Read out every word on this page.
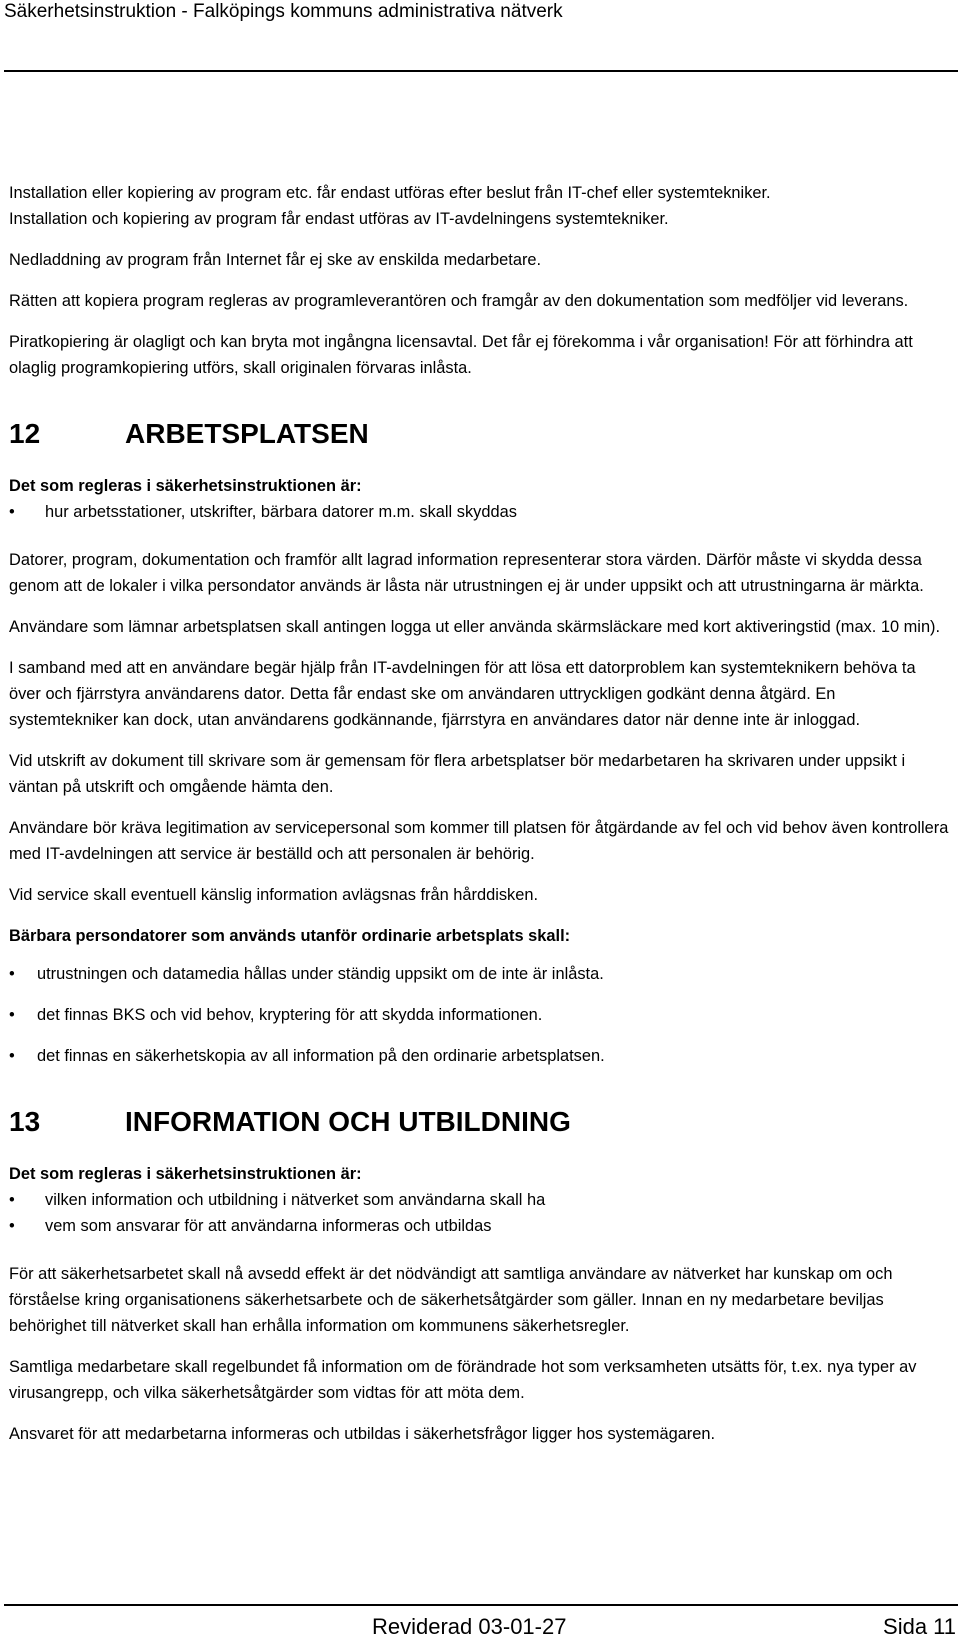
Säkerhetsinstruktion - Falköpings kommuns administrativa nätverk

Installation eller kopiering av program etc. får endast utföras efter beslut från IT-chef eller systemtekniker.

Installation och kopiering av program får endast utföras av IT-avdelningens systemtekniker.

Nedladdning av program från Internet får ej ske av enskilda medarbetare.

Rätten att kopiera program regleras av programleverantören och framgår av den dokumentation som medföljer vid leverans.

Piratkopiering är olagligt och kan bryta mot ingångna licensavtal. Det får ej förekomma i vår organisation! För att förhindra att olaglig programkopiering utförs, skall originalen förvaras inlåsta.

12	ARBETSPLATSEN

Det som regleras i säkerhetsinstruktionen är:

• hur arbetsstationer, utskrifter, bärbara datorer m.m. skall skyddas

Datorer, program, dokumentation och framför allt lagrad information representerar stora värden. Därför måste vi skydda dessa genom att de lokaler i vilka persondator används är låsta när utrustningen ej är under uppsikt och att utrustningarna är märkta.

Användare som lämnar arbetsplatsen skall antingen logga ut eller använda skärmsläckare med kort aktiveringstid (max. 10 min).

I samband med att en användare begär hjälp från IT-avdelningen för att lösa ett datorproblem kan systemteknikern behöva ta över och fjärrstyra användarens dator. Detta får endast ske om användaren uttryckligen godkänt denna åtgärd. En systemtekniker kan dock, utan användarens godkännande, fjärrstyra en användares dator när denne inte är inloggad.

Vid utskrift av dokument till skrivare som är gemensam för flera arbetsplatser bör medarbetaren ha skrivaren under uppsikt i väntan på utskrift och omgående hämta den.

Användare bör kräva legitimation av servicepersonal som kommer till platsen för åtgärdande av fel och vid behov även kontrollera med IT-avdelningen att service är beställd och att personalen är behörig.

Vid service skall eventuell känslig information avlägsnas från hårddisken.

Bärbara persondatorer som används utanför ordinarie arbetsplats skall:

• utrustningen och datamedia hållas under ständig uppsikt om de inte är inlåsta.
• det finnas BKS och vid behov, kryptering för att skydda informationen.
• det finnas en säkerhetskopia av all information på den ordinarie arbetsplatsen.
13	INFORMATION OCH UTBILDNING

Det som regleras i säkerhetsinstruktionen är:

• vilken information och utbildning i nätverket som användarna skall ha
• vem som ansvarar för att användarna informeras och utbildas

För att säkerhetsarbetet skall nå avsedd effekt är det nödvändigt att samtliga användare av nätverket har kunskap om och förståelse kring organisationens säkerhetsarbete och de säkerhetsåtgärder som gäller. Innan en ny medarbetare beviljas behörighet till nätverket skall han erhålla information om kommunens säkerhetsregler.

Samtliga medarbetare skall regelbundet få information om de förändrade hot som verksamheten utsätts för, t.ex. nya typer av virusangrepp, och vilka säkerhetsåtgärder som vidtas för att möta dem.

Ansvaret för att medarbetarna informeras och utbildas i säkerhetsfrågor ligger hos systemägaren.

Reviderad 03-01-27	Sida 11
